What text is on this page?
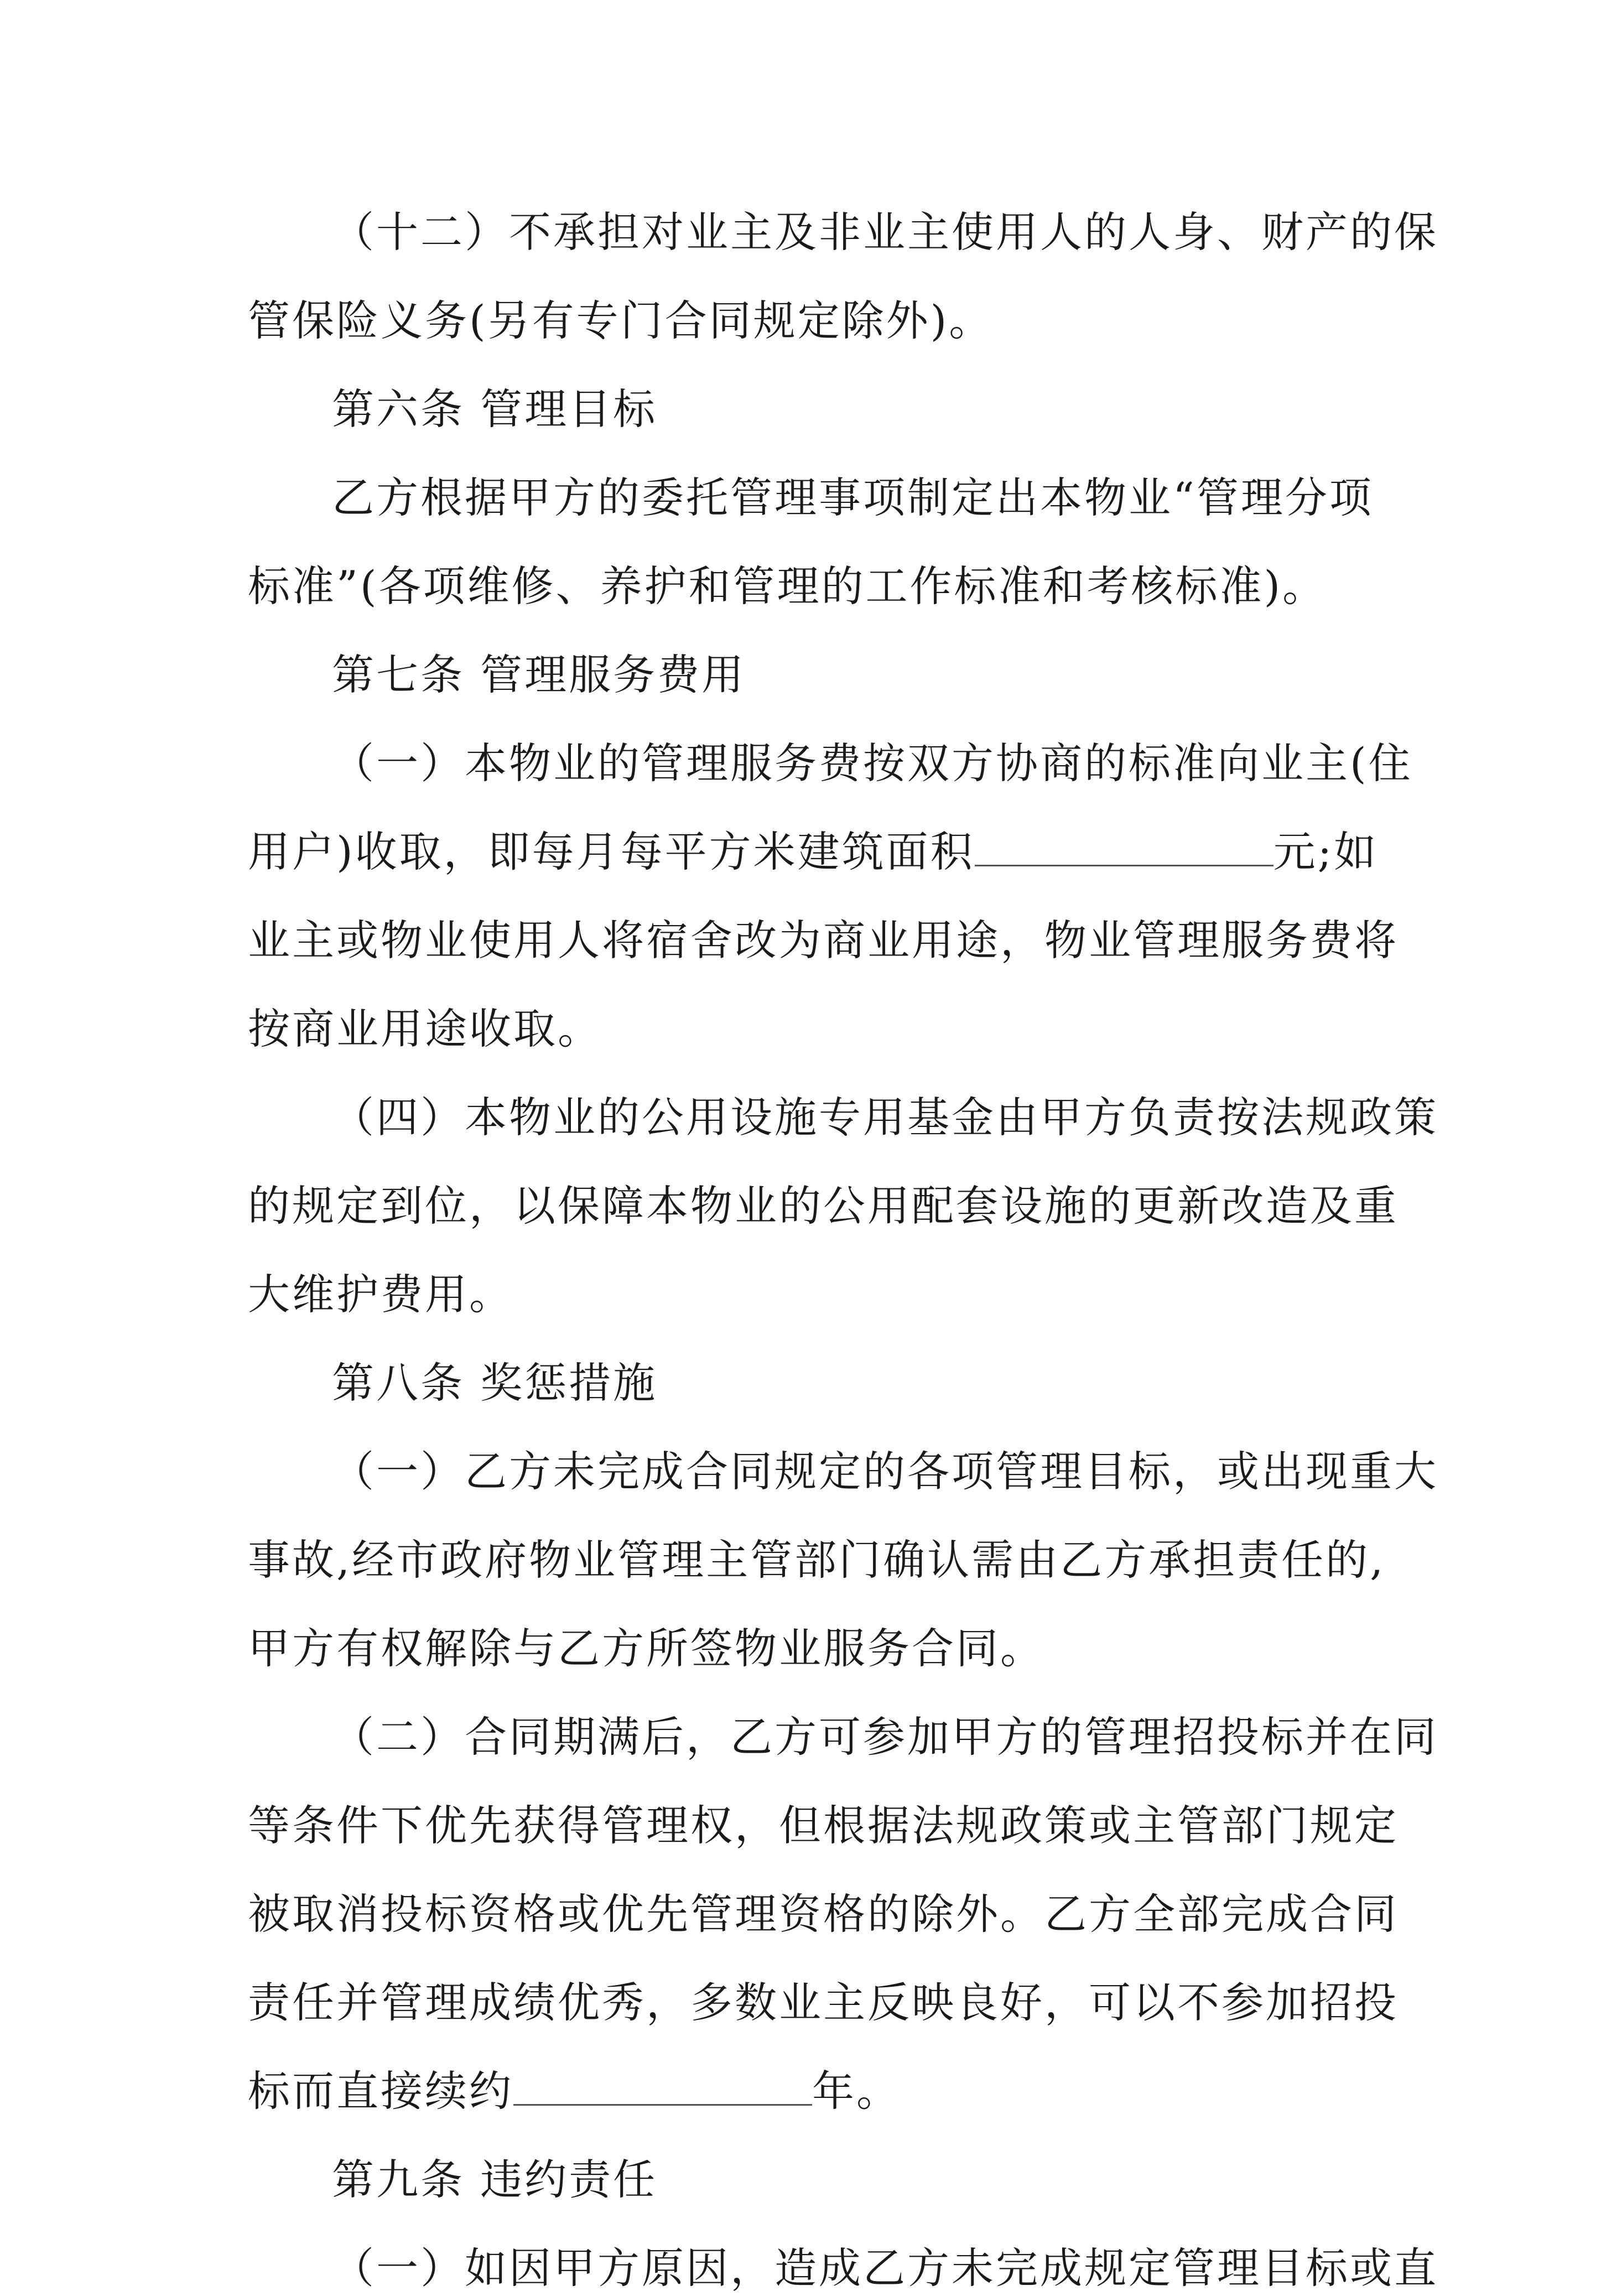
（十二）不承担对业主及非业主使用人的人身、财产的保
管保险义务(另有专门合同规定除外)。
第六条 管理目标
乙方根据甲方的委托管理事项制定出本物业“管理分项
标准”(各项维修、养护和管理的工作标准和考核标准)。
第七条 管理服务费用
（一）本物业的管理服务费按双方协商的标准向业主(住
用户)收取，即每月每平方米建筑面积	元;如
业主或物业使用人将宿舍改为商业用途，物业管理服务费将
按商业用途收取。
（四）本物业的公用设施专用基金由甲方负责按法规政策
的规定到位，以保障本物业的公用配套设施的更新改造及重
大维护费用。
第八条 奖惩措施
（一）乙方未完成合同规定的各项管理目标，或出现重大
事故,经市政府物业管理主管部门确认需由乙方承担责任的,
甲方有权解除与乙方所签物业服务合同。
（二）合同期满后，乙方可参加甲方的管理招投标并在同
等条件下优先获得管理权，但根据法规政策或主管部门规定
被取消投标资格或优先管理资格的除外。乙方全部完成合同
责任并管理成绩优秀，多数业主反映良好，可以不参加招投
标而直接续约	年。
第九条 违约责任
（一）如因甲方原因，造成乙方未完成规定管理目标或直
